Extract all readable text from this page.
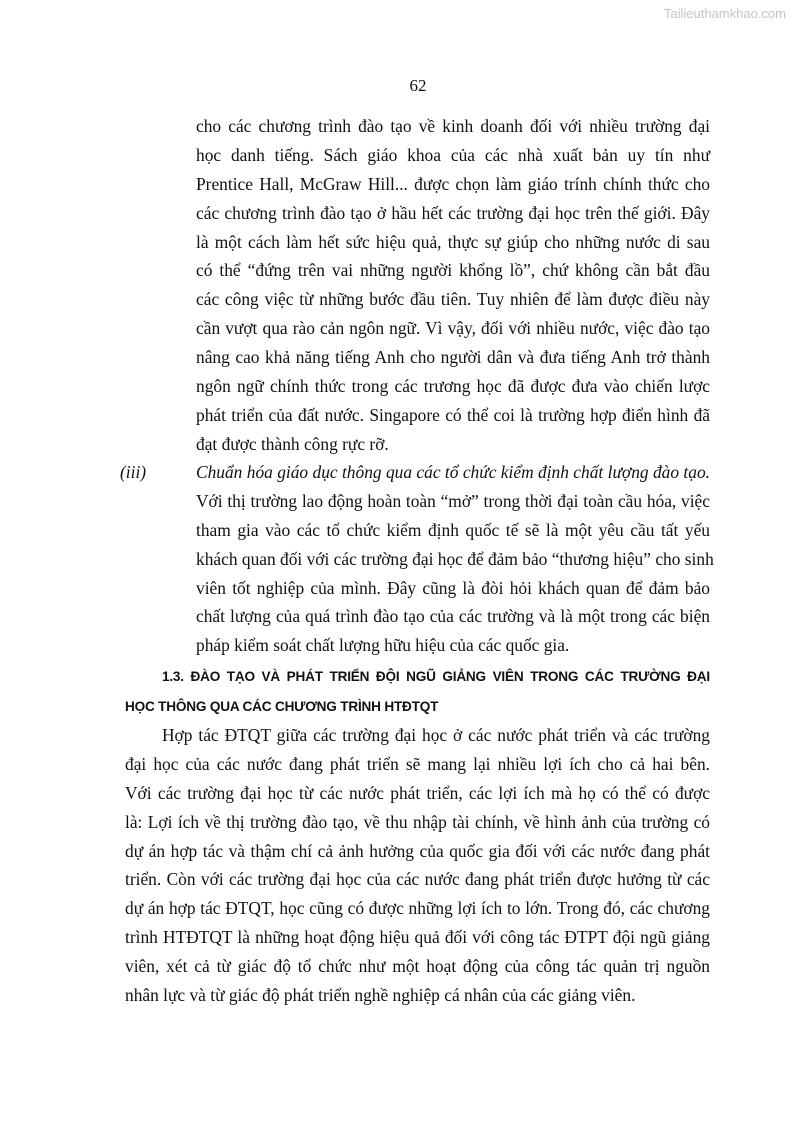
Tailieuthamkhao.com
62
cho các chương trình đào tạo về kinh doanh đối với nhiều trường đại
học danh tiếng. Sách giáo khoa của các nhà xuất bản uy tín như
Prentice Hall, McGraw Hill... được chọn làm giáo trính chính thức cho
các chương trình đào tạo ở hầu hết các trường đại học trên thế giới. Đây
là một cách làm hết sức hiệu quả, thực sự giúp cho những nước di sau
có thể “đứng trên vai những người khổng lồ”, chứ không cần bắt đầu
các công việc từ những bước đầu tiên. Tuy nhiên để làm được điều này
cần vượt qua rào cản ngôn ngữ. Vì vậy, đối với nhiều nước, việc đào tạo
nâng cao khả năng tiếng Anh cho người dân và đưa tiếng Anh trở thành
ngôn ngữ chính thức trong các trương học đã được đưa vào chiến lược
phát triển của đất nước. Singapore có thể coi là trường hợp điển hình đã
đạt được thành công rực rỡ.
(iii)	Chuẩn hóa giáo dục thông qua các tổ chức kiểm định chất lượng đào tạo.
Với thị trường lao động hoàn toàn “mở” trong thời đại toàn cầu hóa, việc
tham gia vào các tổ chức kiểm định quốc tế sẽ là một yêu cầu tất yếu
khách quan đối với các trường đại học để đảm bảo “thương hiệu” cho sinh
viên tốt nghiệp của mình. Đây cũng là đòi hỏi khách quan để đảm bảo
chất lượng của quá trình đào tạo của các trường và là một trong các biện
pháp kiểm soát chất lượng hữu hiệu của các quốc gia.
1.3. ĐÀO TẠO VÀ PHÁT TRIỂN ĐỘI NGŨ GIẢNG VIÊN TRONG CÁC TRƯỜNG ĐẠI
HỌC THÔNG QUA CÁC CHƯƠNG TRÌNH HTĐTQT
Hợp tác ĐTQT giữa các trường đại học ở các nước phát triển và các trường
đại học của các nước đang phát triển sẽ mang lại nhiều lợi ích cho cả hai bên.
Với các trường đại học từ các nước phát triển, các lợi ích mà họ có thể có được
là: Lợi ích về thị trường đào tạo, về thu nhập tài chính, về hình ảnh của trường có
dự án hợp tác và thậm chí cả ảnh hưởng của quốc gia đối với các nước đang phát
triển. Còn với các trường đại học của các nước đang phát triển được hưởng từ các
dự án hợp tác ĐTQT, học cũng có được những lợi ích to lớn. Trong đó, các chương
trình HTĐTQT là những hoạt động hiệu quả đối với công tác ĐTPT đội ngũ giảng
viên, xét cả từ giác độ tổ chức như một hoạt động của công tác quản trị nguồn
nhân lực và từ giác độ phát triển nghề nghiệp cá nhân của các giảng viên.
